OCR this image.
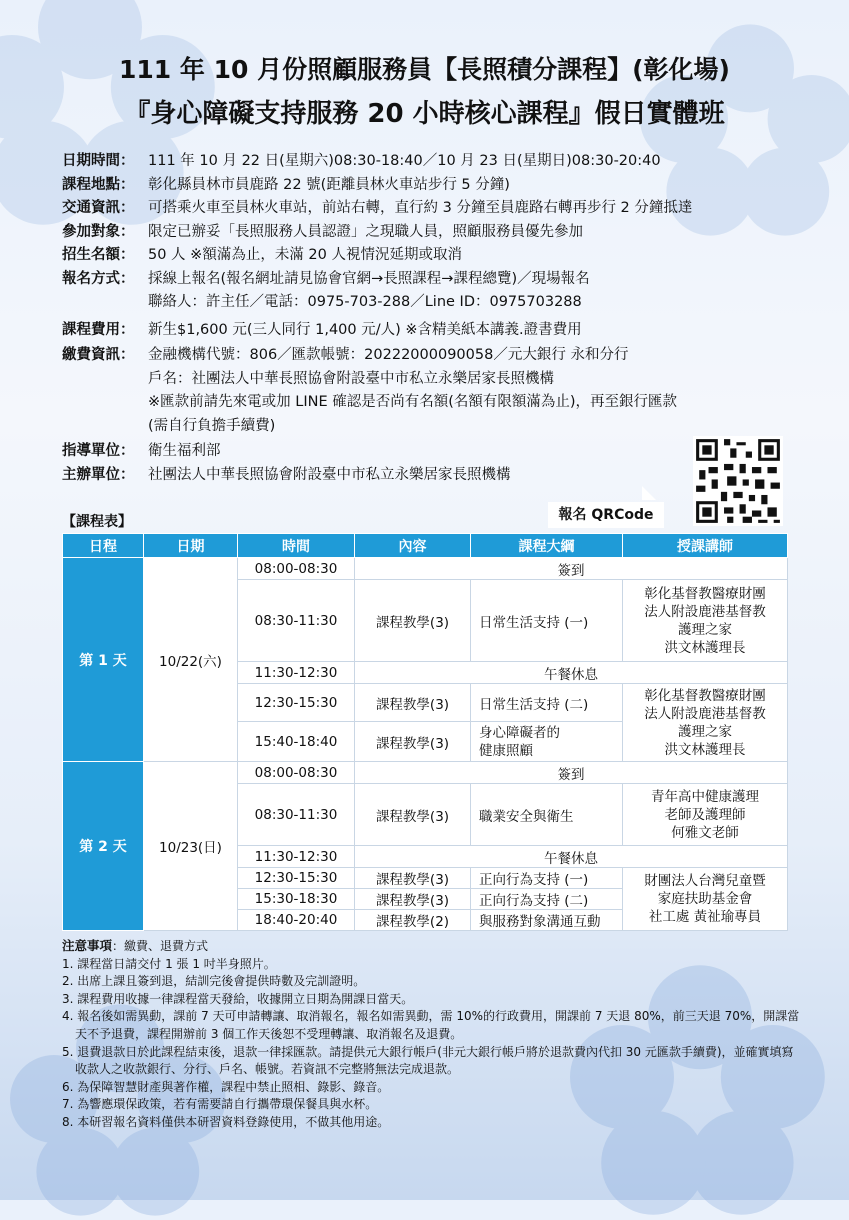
111 年 10 月份照顧服務員【長照積分課程】(彰化場)
『身心障礙支持服務 20 小時核心課程』假日實體班
日期時間： 111 年 10 月 22 日(星期六)08:30-18:40／10 月 23 日(星期日)08:30-20:40
課程地點： 彰化縣員林市員鹿路 22 號(距離員林火車站步行 5 分鐘)
交通資訊： 可搭乘火車至員林火車站，前站右轉，直行約 3 分鐘至員鹿路右轉再步行 2 分鐘抵達
參加對象： 限定已辦妥「長照服務人員認證」之現職人員，照顧服務員優先參加
招生名額： 50 人 ※額滿為止，未滿 20 人視情況延期或取消
報名方式： 採線上報名(報名網址請見協會官網→長照課程→課程總覽)／現場報名
聯絡人：許主任／電話：0975-703-288／Line ID：0975703288
課程費用： 新生$1,600 元(三人同行 1,400 元/人) ※含精美紙本講義.證書費用
繳費資訊： 金融機構代號：806／匯款帳號：20222000090058／元大銀行 永和分行
戶名：社團法人中華長照協會附設臺中市私立永樂居家長照機構
※匯款前請先來電或加 LINE 確認是否尚有名額(名額有限額滿為止)，再至銀行匯款
(需自行負擔手續費)
指導單位： 衛生福利部
主辦單位： 社團法人中華長照協會附設臺中市私立永樂居家長照機構
報名 QRCode
【課程表】
日程	日期	時間	內容	課程大綱	授課講師
第 1 天	10/22(六)	08:00-08:30	簽到		
		08:30-11:30	課程教學(3)	日常生活支持 (一)	彰化基督教醫療財團
法人附設鹿港基督教
護理之家
洪文林護理長

		11:30-12:30	午餐休息		
		12:30-15:30	課程教學(3)	日常生活支持 (二)	彰化基督教醫療財團
法人附設鹿港基督教
護理之家
洪文林護理長

		15:40-18:40	課程教學(3)	身心障礙者的
健康照顧	

第 2 天	10/23(日)	08:00-08:30	簽到		
		08:30-11:30	課程教學(3)	職業安全與衛生	青年高中健康護理
老師及護理師
何雅文老師

		11:30-12:30	午餐休息		
		12:30-15:30	課程教學(3)	正向行為支持 (一)	財團法人台灣兒童暨
家庭扶助基金會
社工處 黃祉瑜專員

		15:30-18:30	課程教學(3)	正向行為支持 (二)	
		18:40-20:40	課程教學(2)	與服務對象溝通互動	
注意事項：繳費、退費方式
1. 課程當日請交付 1 張 1 吋半身照片。
2. 出席上課且簽到退，結訓完後會提供時數及完訓證明。
3. 課程費用收據一律課程當天發給，收據開立日期為開課日當天。
4. 報名後如需異動，課前 7 天可申請轉讓、取消報名，報名如需異動，需 10%的行政費用，開課前 7 天退 80%，前三天退 70%，開課當天不予退費，課程開辦前 3 個工作天後恕不受理轉讓、取消報名及退費。
5. 退費退款日於此課程結束後，退款一律採匯款。請提供元大銀行帳戶(非元大銀行帳戶將於退款費內代扣 30 元匯款手續費)，並確實填寫收款人之收款銀行、分行、戶名、帳號。若資訊不完整將無法完成退款。
6. 為保障智慧財產與著作權，課程中禁止照相、錄影、錄音。
7. 為響應環保政策，若有需要請自行攜帶環保餐具與水杯。
8. 本研習報名資料僅供本研習資料登錄使用，不做其他用途。
